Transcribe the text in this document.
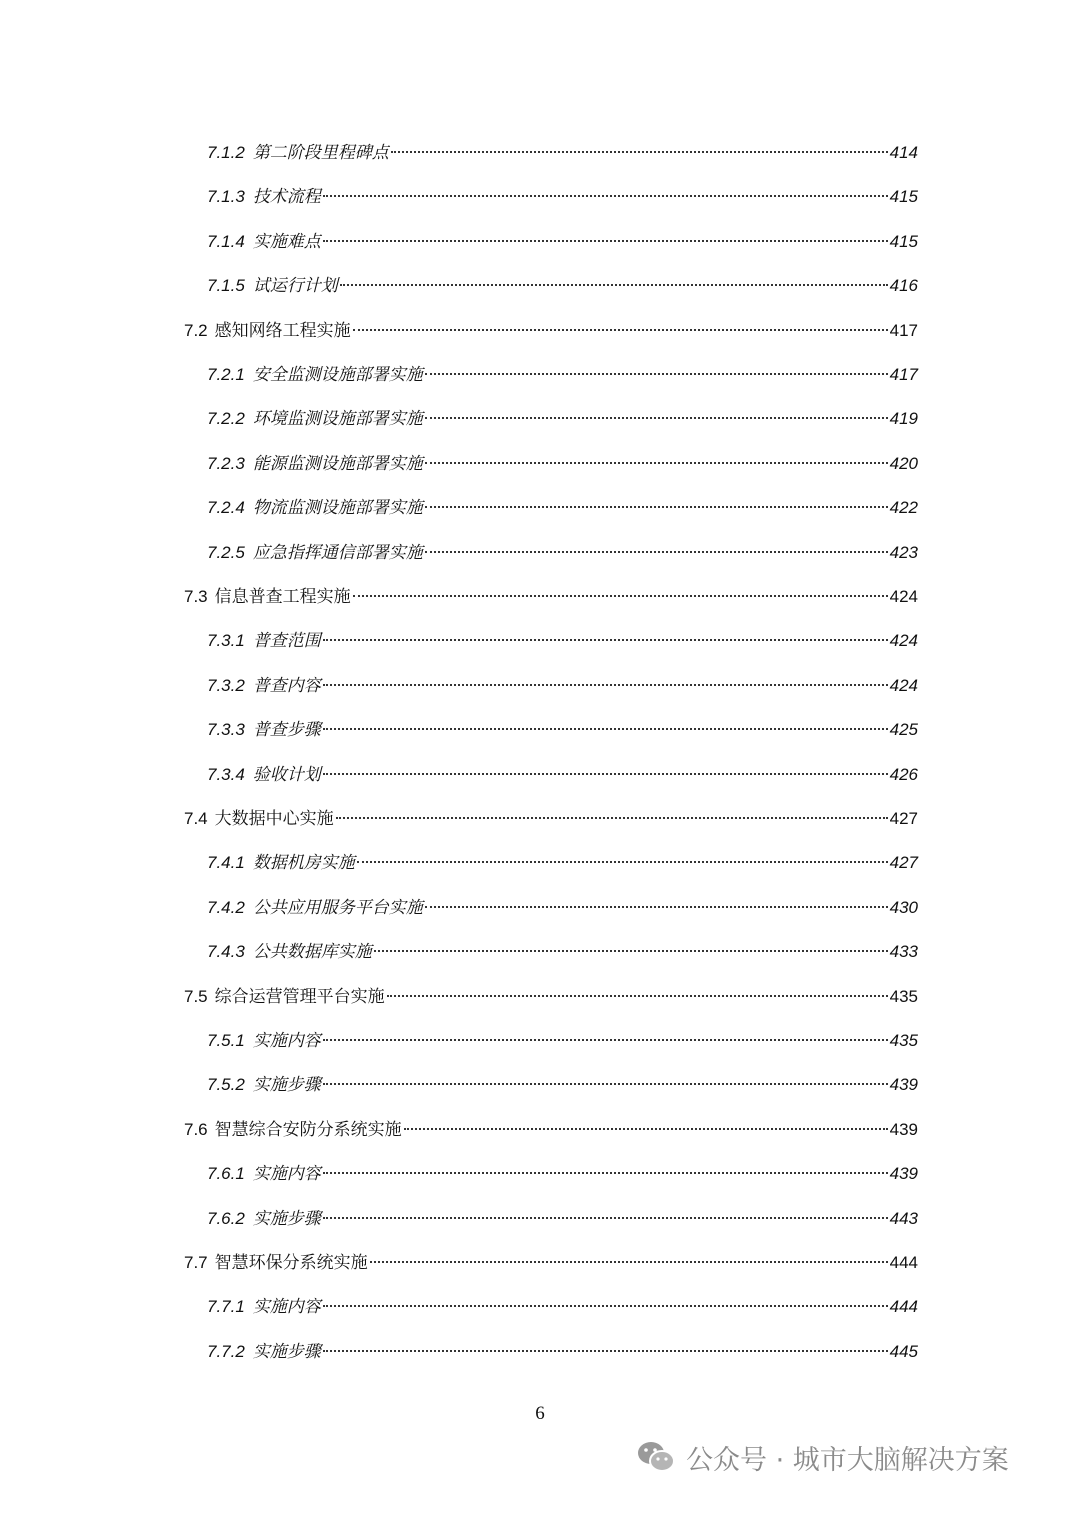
7.1.2 第二阶段里程碑点	414
7.1.3 技术流程	415
7.1.4 实施难点	415
7.1.5 试运行计划	416
7.2 感知网络工程实施	417
7.2.1 安全监测设施部署实施	417
7.2.2 环境监测设施部署实施	419
7.2.3 能源监测设施部署实施	420
7.2.4 物流监测设施部署实施	422
7.2.5 应急指挥通信部署实施	423
7.3 信息普查工程实施	424
7.3.1 普查范围	424
7.3.2 普查内容	424
7.3.3 普查步骤	425
7.3.4 验收计划	426
7.4 大数据中心实施	427
7.4.1 数据机房实施	427
7.4.2 公共应用服务平台实施	430
7.4.3 公共数据库实施	433
7.5 综合运营管理平台实施	435
7.5.1 实施内容	435
7.5.2 实施步骤	439
7.6 智慧综合安防分系统实施	439
7.6.1 实施内容	439
7.6.2 实施步骤	443
7.7 智慧环保分系统实施	444
7.7.1 实施内容	444
7.7.2 实施步骤	445
6
公众号 · 城市大脑解决方案
